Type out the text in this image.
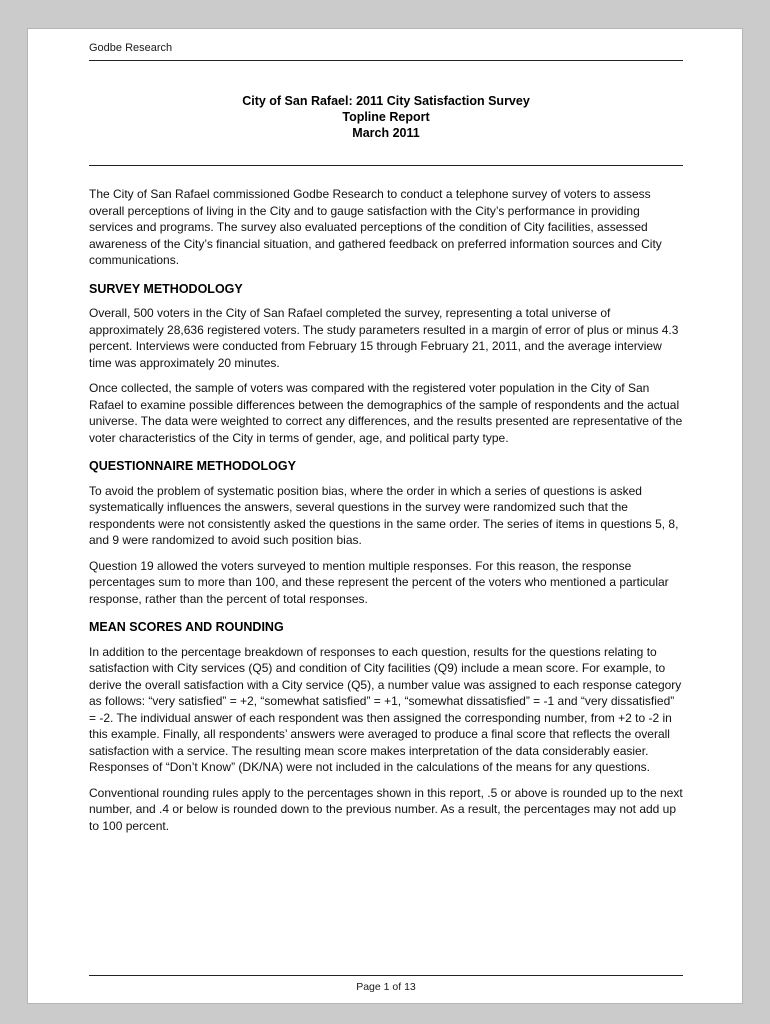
Godbe Research
City of San Rafael: 2011 City Satisfaction Survey
Topline Report
March 2011

The City of San Rafael commissioned Godbe Research to conduct a telephone survey of voters to assess overall perceptions of living in the City and to gauge satisfaction with the City’s performance in providing services and programs. The survey also evaluated perceptions of the condition of City facilities, assessed awareness of the City’s financial situation, and gathered feedback on preferred information sources and City communications.

SURVEY METHODOLOGY

Overall, 500 voters in the City of San Rafael completed the survey, representing a total universe of approximately 28,636 registered voters. The study parameters resulted in a margin of error of plus or minus 4.3 percent. Interviews were conducted from February 15 through February 21, 2011, and the average interview time was approximately 20 minutes.

Once collected, the sample of voters was compared with the registered voter population in the City of San Rafael to examine possible differences between the demographics of the sample of respondents and the actual universe. The data were weighted to correct any differences, and the results presented are representative of the voter characteristics of the City in terms of gender, age, and political party type.

QUESTIONNAIRE METHODOLOGY

To avoid the problem of systematic position bias, where the order in which a series of questions is asked systematically influences the answers, several questions in the survey were randomized such that the respondents were not consistently asked the questions in the same order. The series of items in questions 5, 8, and 9 were randomized to avoid such position bias.

Question 19 allowed the voters surveyed to mention multiple responses. For this reason, the response percentages sum to more than 100, and these represent the percent of the voters who mentioned a particular response, rather than the percent of total responses.

MEAN SCORES AND ROUNDING

In addition to the percentage breakdown of responses to each question, results for the questions relating to satisfaction with City services (Q5) and condition of City facilities (Q9) include a mean score. For example, to derive the overall satisfaction with a City service (Q5), a number value was assigned to each response category as follows: “very satisfied” = +2, “somewhat satisfied” = +1, “somewhat dissatisfied” = -1 and “very dissatisfied” = -2. The individual answer of each respondent was then assigned the corresponding number, from +2 to -2 in this example. Finally, all respondents’ answers were averaged to produce a final score that reflects the overall satisfaction with a service. The resulting mean score makes interpretation of the data considerably easier. Responses of “Don’t Know” (DK/NA) were not included in the calculations of the means for any questions.

Conventional rounding rules apply to the percentages shown in this report, .5 or above is rounded up to the next number, and .4 or below is rounded down to the previous number. As a result, the percentages may not add up to 100 percent.

Page 1 of 13
